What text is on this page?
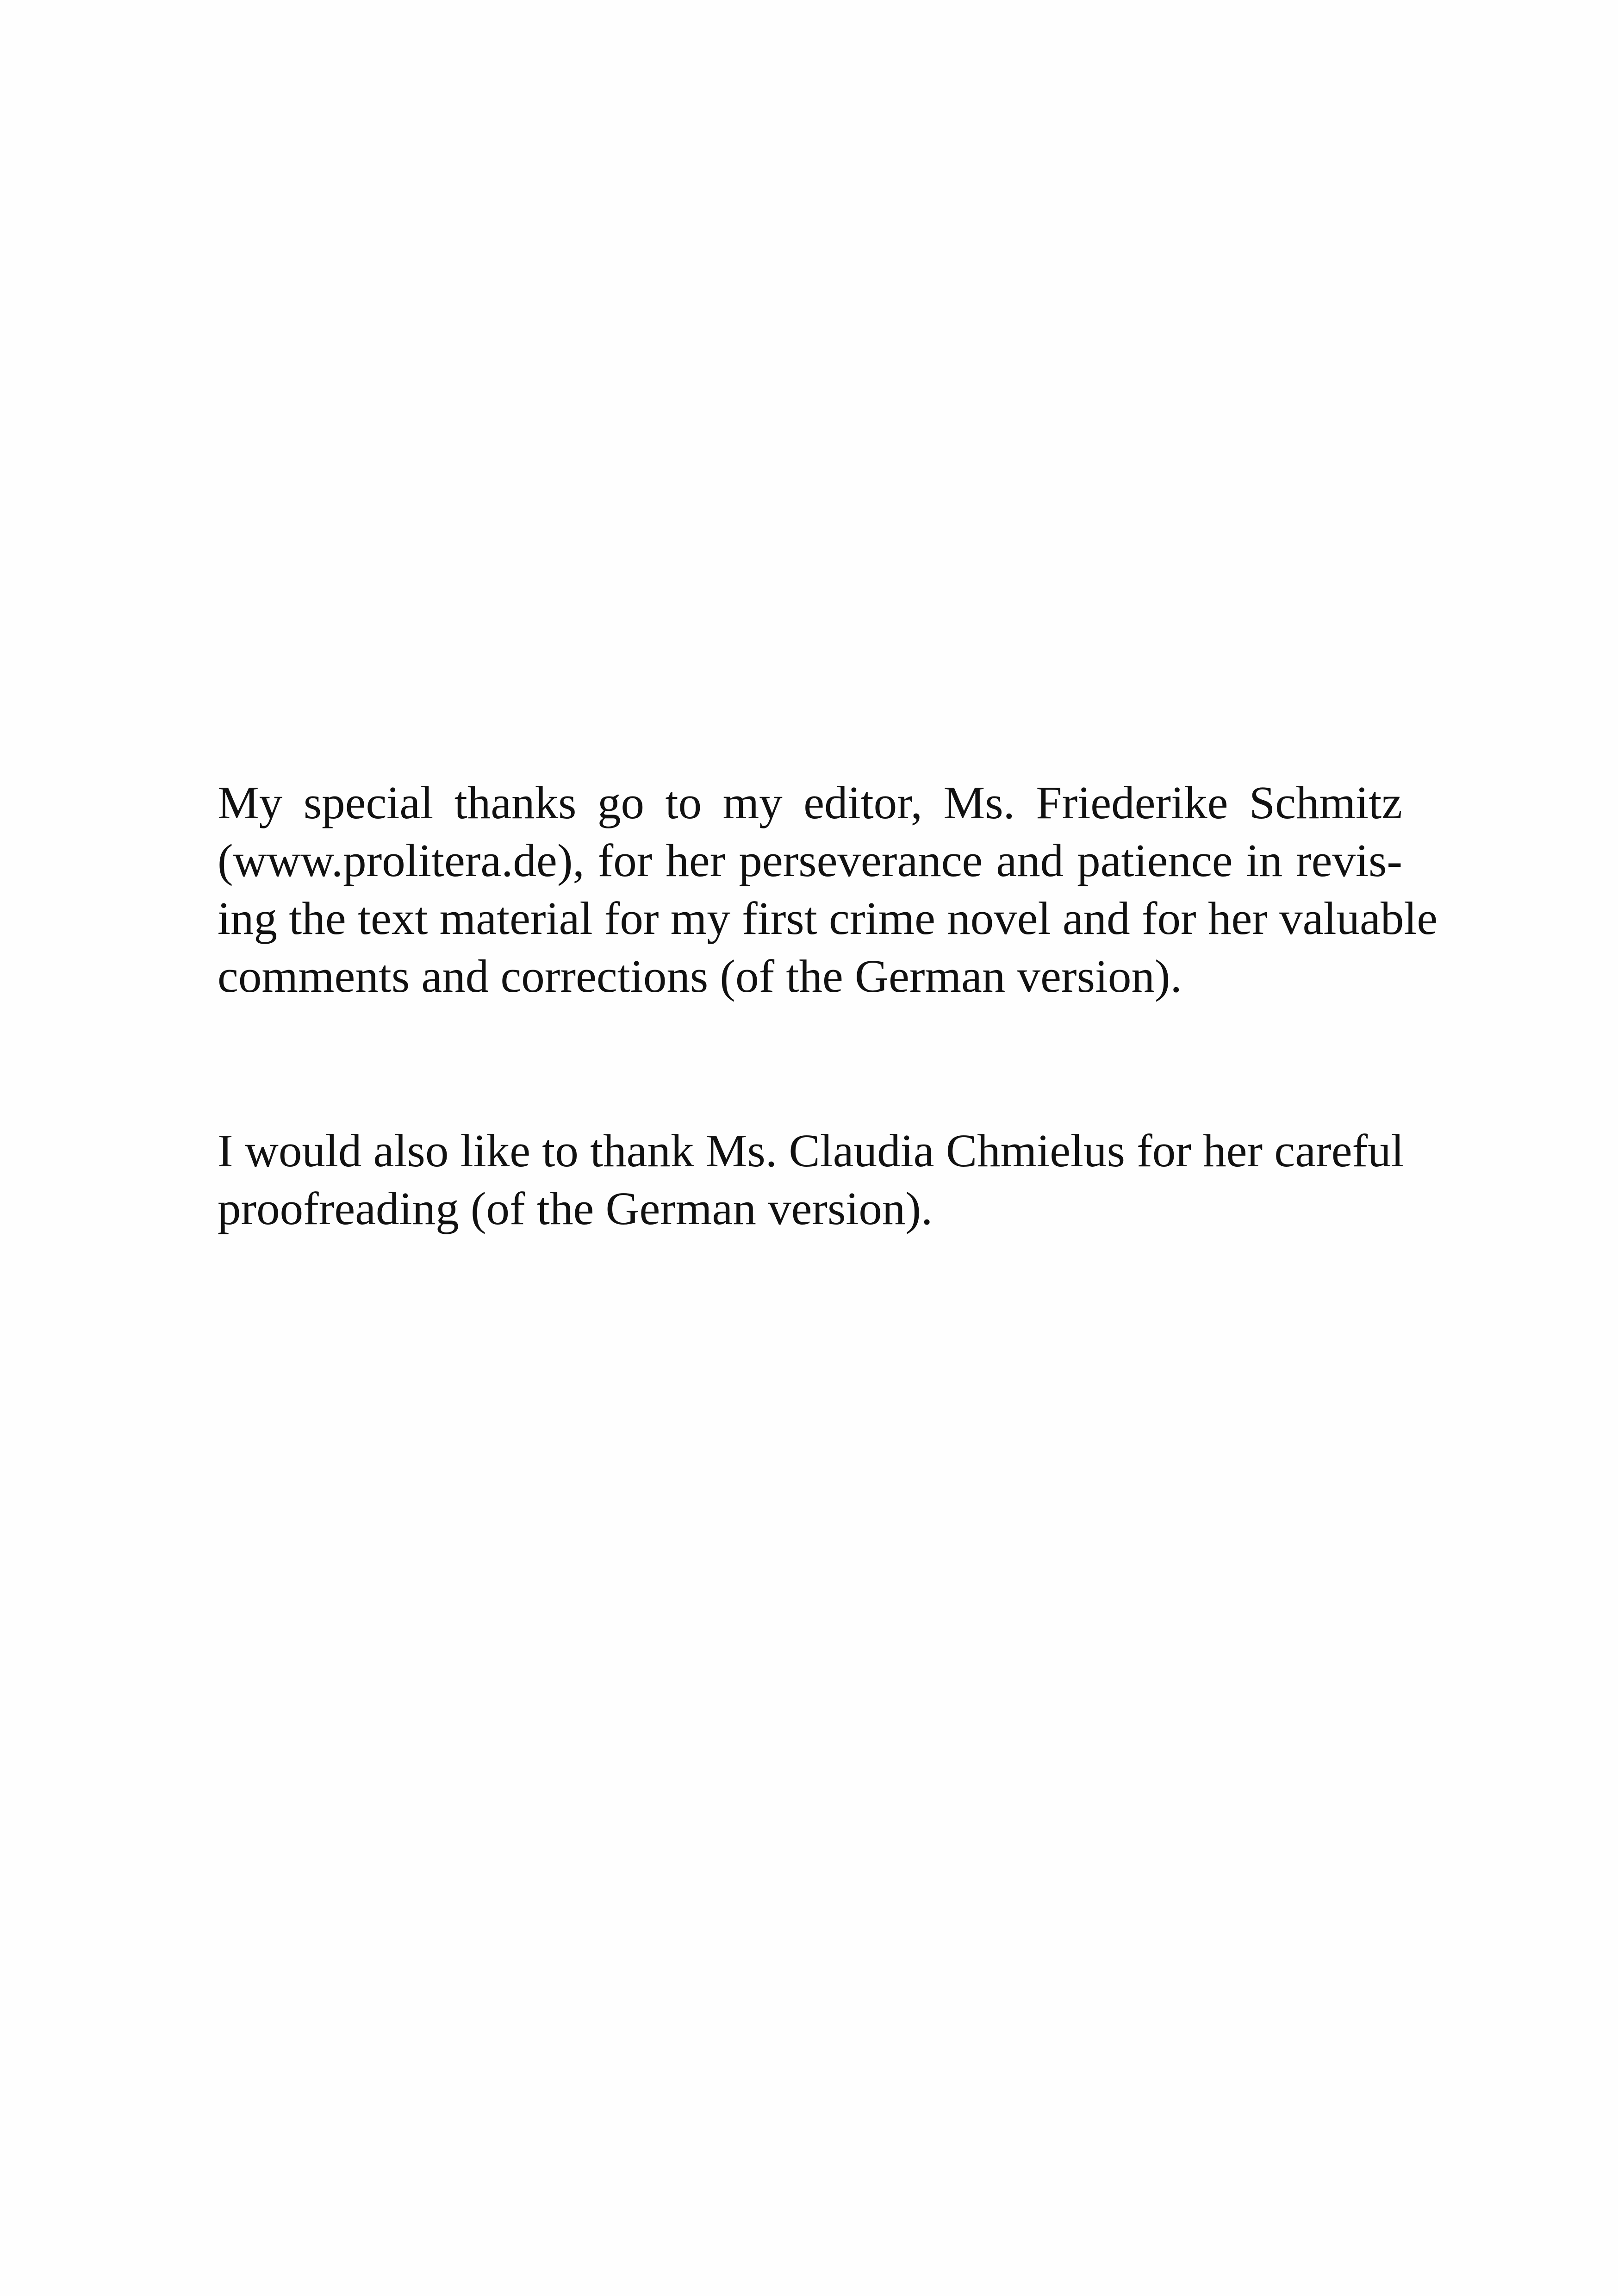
My special thanks go to my editor, Ms. Friederike Schmitz
(www.prolitera.de), for her perseverance and patience in revis-
ing the text material for my first crime novel and for her valuable
comments and corrections (of the German version).
I would also like to thank Ms. Claudia Chmielus for her careful
proofreading (of the German version).
